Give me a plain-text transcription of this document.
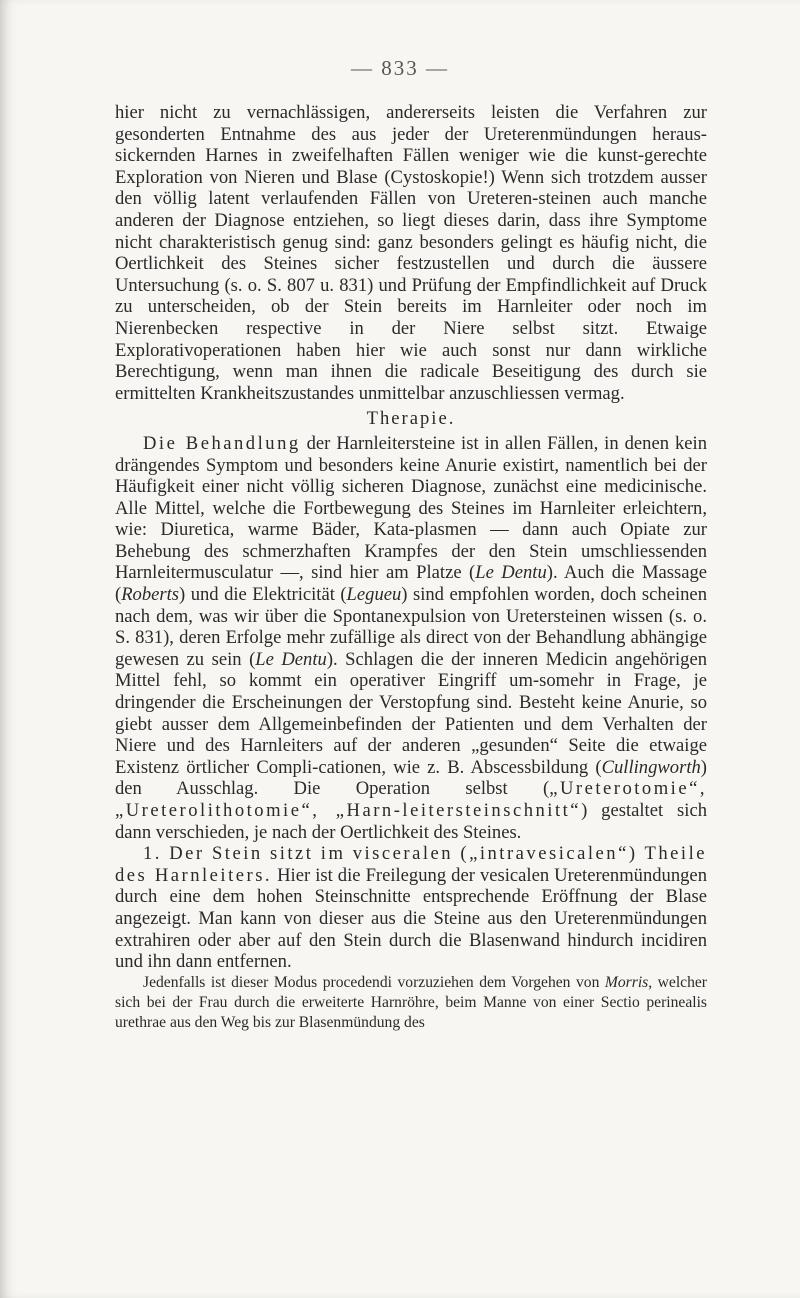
— 833 —

hier nicht zu vernachlässigen, andererseits leisten die Verfahren zur gesonderten Entnahme des aus jeder der Ureterenmündungen heraus-sickernden Harnes in zweifelhaften Fällen weniger wie die kunst-gerechte Exploration von Nieren und Blase (Cystoskopie!) Wenn sich trotzdem ausser den völlig latent verlaufenden Fällen von Ureteren-steinen auch manche anderen der Diagnose entziehen, so liegt dieses darin, dass ihre Symptome nicht charakteristisch genug sind: ganz besonders gelingt es häufig nicht, die Oertlichkeit des Steines sicher festzustellen und durch die äussere Untersuchung (s. o. S. 807 u. 831) und Prüfung der Empfindlichkeit auf Druck zu unterscheiden, ob der Stein bereits im Harnleiter oder noch im Nierenbecken respective in der Niere selbst sitzt. Etwaige Explorativoperationen haben hier wie auch sonst nur dann wirkliche Berechtigung, wenn man ihnen die radicale Beseitigung des durch sie ermittelten Krankheitszustandes unmittelbar anzuschliessen vermag.

Therapie.

Die Behandlung der Harnleitersteine ist in allen Fällen, in denen kein drängendes Symptom und besonders keine Anurie existirt, namentlich bei der Häufigkeit einer nicht völlig sicheren Diagnose, zunächst eine medicinische. Alle Mittel, welche die Fortbewegung des Steines im Harnleiter erleichtern, wie: Diuretica, warme Bäder, Kata-plasmen — dann auch Opiate zur Behebung des schmerzhaften Krampfes der den Stein umschliessenden Harnleitermusculatur —, sind hier am Platze (Le Dentu). Auch die Massage (Roberts) und die Elektricität (Legueu) sind empfohlen worden, doch scheinen nach dem, was wir über die Spontanexpulsion von Uretersteinen wissen (s. o. S. 831), deren Erfolge mehr zufällige als direct von der Behandlung abhängige gewesen zu sein (Le Dentu). Schlagen die der inneren Medicin angehörigen Mittel fehl, so kommt ein operativer Eingriff um-somehr in Frage, je dringender die Erscheinungen der Verstopfung sind. Besteht keine Anurie, so giebt ausser dem Allgemeinbefinden der Patienten und dem Verhalten der Niere und des Harnleiters auf der anderen „gesunden“ Seite die etwaige Existenz örtlicher Compli-cationen, wie z. B. Abscessbildung (Cullingworth) den Ausschlag. Die Operation selbst („Ureterotomie“, „Ureterolithotomie“, „Harn-leitersteinschnitt“) gestaltet sich dann verschieden, je nach der Oertlichkeit des Steines.

1. Der Stein sitzt im visceralen („intravesicalen“) Theile des Harnleiters. Hier ist die Freilegung der vesicalen Ureterenmündungen durch eine dem hohen Steinschnitte entsprechende Eröffnung der Blase angezeigt. Man kann von dieser aus die Steine aus den Ureterenmündungen extrahiren oder aber auf den Stein durch die Blasenwand hindurch incidiren und ihn dann entfernen.

Jedenfalls ist dieser Modus procedendi vorzuziehen dem Vorgehen von Morris, welcher sich bei der Frau durch die erweiterte Harnröhre, beim Manne von einer Sectio perinealis urethrae aus den Weg bis zur Blasenmündung des
